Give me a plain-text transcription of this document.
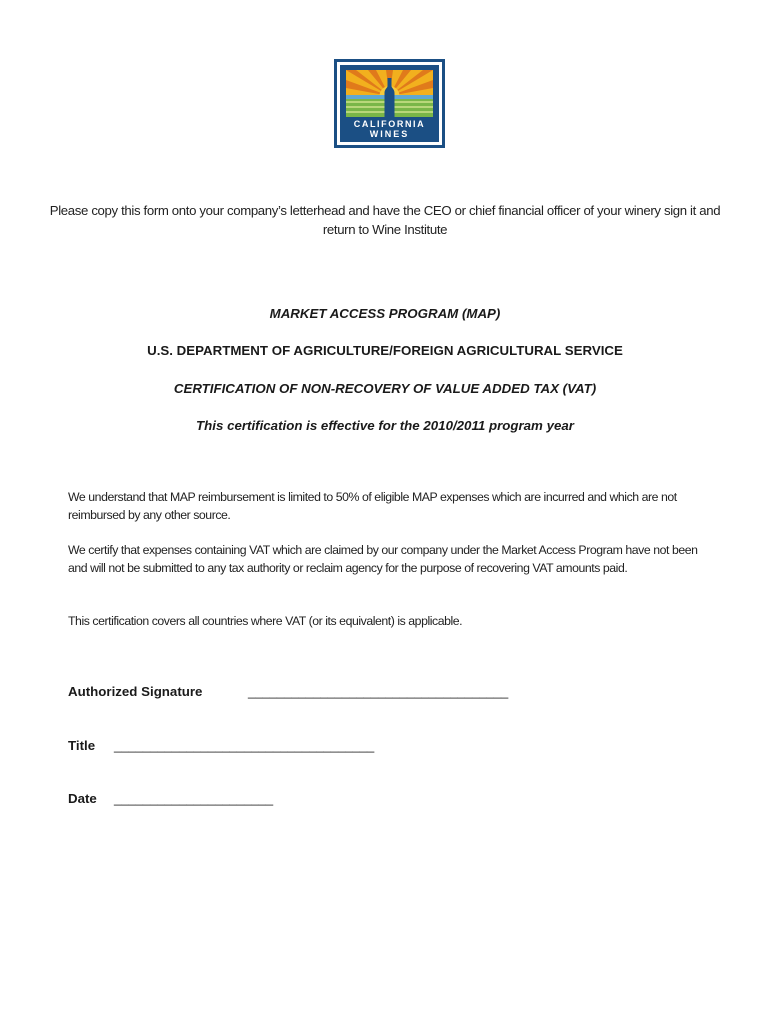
CALIFORNIA
WINES
Please copy this form onto your company’s letterhead and have the CEO or chief financial officer of your winery sign it and return to Wine Institute
MARKET ACCESS PROGRAM (MAP)
U.S. DEPARTMENT OF AGRICULTURE/FOREIGN AGRICULTURAL SERVICE
CERTIFICATION OF NON-RECOVERY OF VALUE ADDED TAX (VAT)
This certification is effective for the 2010/2011 program year
We understand that MAP reimbursement is limited to 50% of eligible MAP expenses which are incurred and which are not reimbursed by any other source.
We certify that expenses containing VAT which are claimed by our company under the Market Access Program have not been and will not be submitted to any tax authority or reclaim agency for the purpose of recovering VAT amounts paid.
This certification covers all countries where VAT (or its equivalent) is applicable.
Authorized Signature	____________________________________
Title ____________________________________
Date ______________________
